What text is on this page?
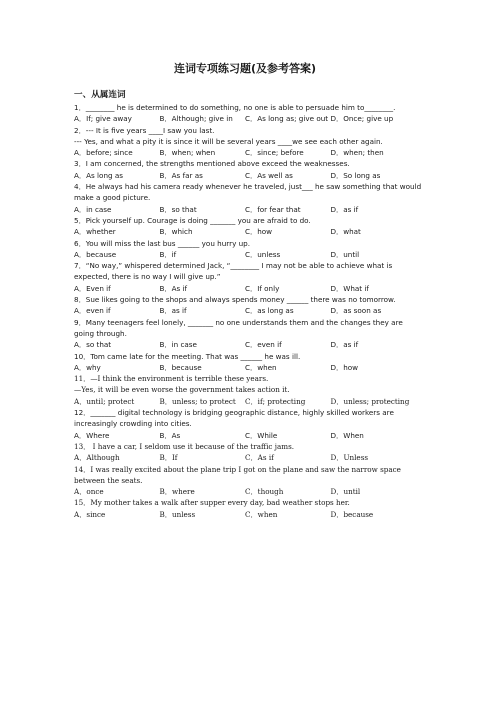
连词专项练习题(及参考答案)
一、从属连词
1．________ he is determined to do something, no one is able to persuade him to________.
A．If; give away	B．Although; give in	C．As long as; give out D．Once; give up
2．--- It is five years ____I saw you last.
--- Yes, and what a pity it is since it will be several years ____we see each other again.
A．before; since	B．when; when	C．since; before	D．when; then
3．I am concerned, the strengths mentioned above exceed the weaknesses.
A．As long as	B．As far as	C．As well as	D．So long as
4．He always had his camera ready whenever he traveled, just___ he saw something that would
make a good picture.
A．in case	B．so that	C．for fear that	D．as if
5．Pick yourself up. Courage is doing _______ you are afraid to do.
A．whether	B．which	C．how	D．what
6．You will miss the last bus ______ you hurry up.
A．because	B．if	C．unless	D．until
7．“No way,” whispered determined Jack, “________ I may not be able to achieve what is
expected, there is no way I will give up.”
A．Even if	B．As if	C．If only	D．What if
8．Sue likes going to the shops and always spends money ______ there was no tomorrow.
A．even if	B．as if	C．as long as	D．as soon as
9．Many teenagers feel lonely, _______ no one understands them and the changes they are
going through.
A．so that	B．in case	C．even if	D．as if
10．Tom came late for the meeting. That was ______ he was ill.
A．why	B．because	C．when	D．how
11．—I think the environment is terrible these years.
—Yes, it will be even worse the government takes action it.
A．until; protect	B．unless; to protect	C．if; protecting	D．unless; protecting
12．_______ digital technology is bridging geographic distance, highly skilled workers are
increasingly crowding into cities.
A．Where	B．As	C．While	D．When
13． I have a car, I seldom use it because of the traffic jams.
A．Although	B．If	C．As if	D．Unless
14．I was really excited about the plane trip I got on the plane and saw the narrow space
between the seats.
A．once	B．where	C．though	D．until
15．My mother takes a walk after supper every day, bad weather stops her.
A．since	B．unless	C．when	D．because
